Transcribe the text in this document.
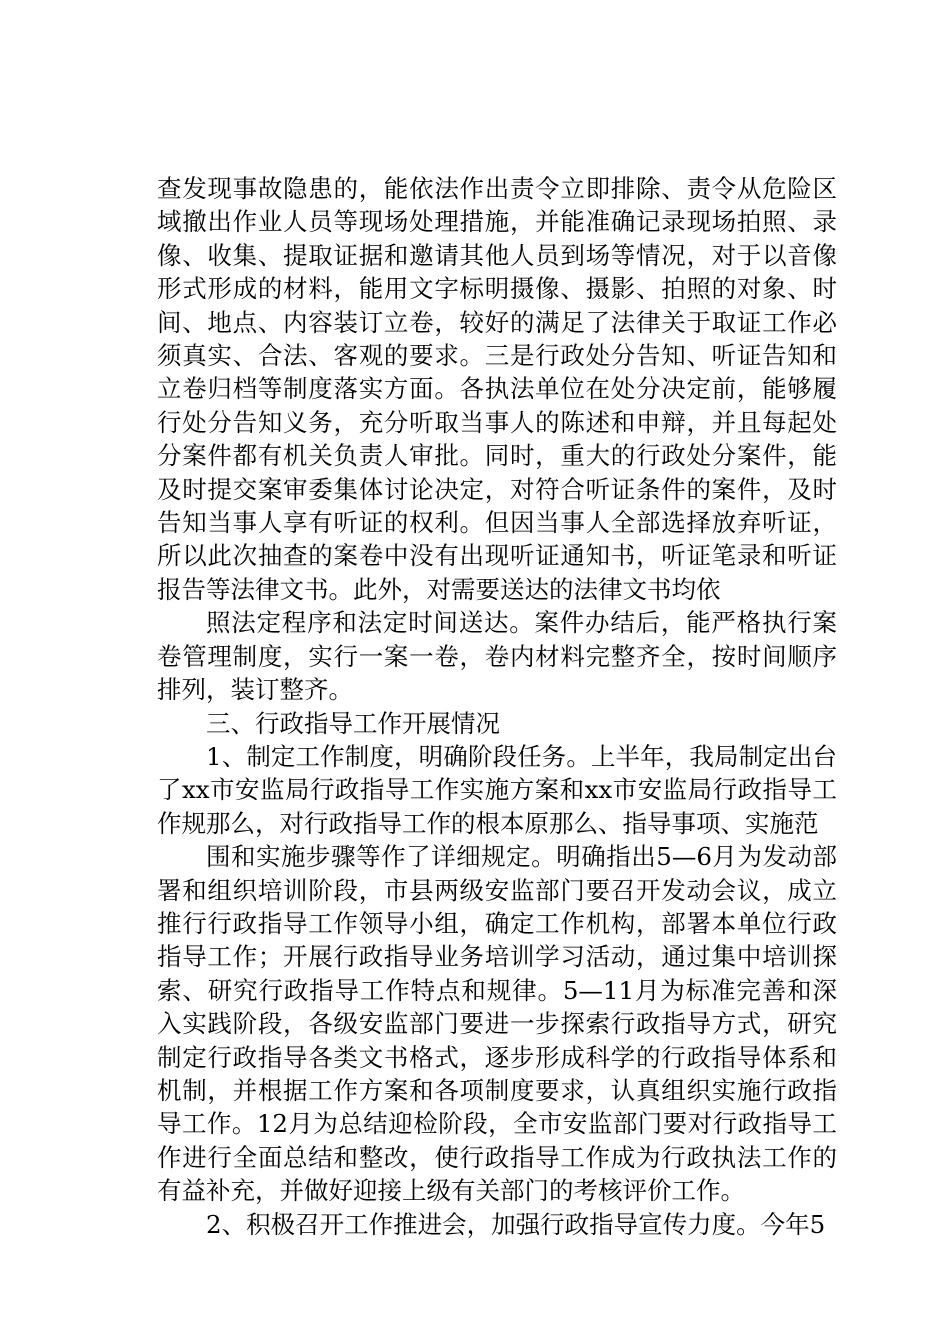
查发现事故隐患的，能依法作出责令立即排除、责令从危险区域撤出作业人员等现场处理措施，并能准确记录现场拍照、录像、收集、提取证据和邀请其他人员到场等情况，对于以音像形式形成的材料，能用文字标明摄像、摄影、拍照的对象、时间、地点、内容装订立卷，较好的满足了法律关于取证工作必须真实、合法、客观的要求。三是行政处分告知、听证告知和立卷归档等制度落实方面。各执法单位在处分决定前，能够履行处分告知义务，充分听取当事人的陈述和申辩，并且每起处分案件都有机关负责人审批。同时，重大的行政处分案件，能及时提交案审委集体讨论决定，对符合听证条件的案件，及时告知当事人享有听证的权利。但因当事人全部选择放弃听证，所以此次抽查的案卷中没有出现听证通知书，听证笔录和听证报告等法律文书。此外，对需要送达的法律文书均依

照法定程序和法定时间送达。案件办结后，能严格执行案卷管理制度，实行一案一卷，卷内材料完整齐全，按时间顺序排列，装订整齐。

三、行政指导工作开展情况

1、制定工作制度，明确阶段任务。上半年，我局制定出台了xx市安监局行政指导工作实施方案和xx市安监局行政指导工作规那么，对行政指导工作的根本原那么、指导事项、实施范

围和实施步骤等作了详细规定。明确指出5—6月为发动部署和组织培训阶段，市县两级安监部门要召开发动会议，成立推行行政指导工作领导小组，确定工作机构，部署本单位行政指导工作；开展行政指导业务培训学习活动，通过集中培训探索、研究行政指导工作特点和规律。5—11月为标准完善和深入实践阶段，各级安监部门要进一步探索行政指导方式，研究制定行政指导各类文书格式，逐步形成科学的行政指导体系和机制，并根据工作方案和各项制度要求，认真组织实施行政指导工作。12月为总结迎检阶段，全市安监部门要对行政指导工作进行全面总结和整改，使行政指导工作成为行政执法工作的有益补充，并做好迎接上级有关部门的考核评价工作。

2、积极召开工作推进会，加强行政指导宣传力度。今年5
